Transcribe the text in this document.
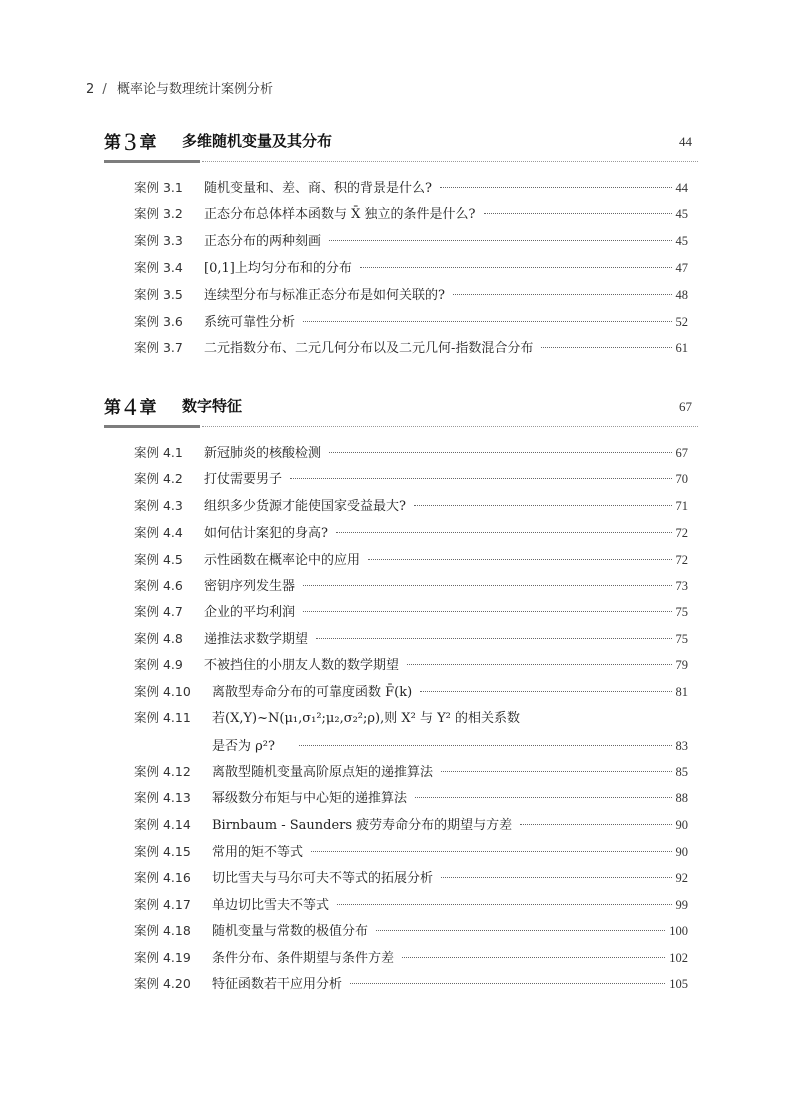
2 / 概率论与数理统计案例分析
第 3 章 多维随机变量及其分布	44
案例 3.1	随机变量和、差、商、积的背景是什么?	44
案例 3.2	正态分布总体样本函数与 X̄ 独立的条件是什么?	45
案例 3.3	正态分布的两种刻画	45
案例 3.4	[0,1]上均匀分布和的分布	47
案例 3.5	连续型分布与标准正态分布是如何关联的?	48
案例 3.6	系统可靠性分析	52
案例 3.7	二元指数分布、二元几何分布以及二元几何-指数混合分布	61
第 4 章 数字特征	67
案例 4.1	新冠肺炎的核酸检测	67
案例 4.2	打仗需要男子	70
案例 4.3	组织多少货源才能使国家受益最大?	71
案例 4.4	如何估计案犯的身高?	72
案例 4.5	示性函数在概率论中的应用	72
案例 4.6	密钥序列发生器	73
案例 4.7	企业的平均利润	75
案例 4.8	递推法求数学期望	75
案例 4.9	不被挡住的小朋友人数的数学期望	79
案例 4.10	离散型寿命分布的可靠度函数 F̄(k)	81
案例 4.11	若(X,Y)~N(μ₁,σ₁²;μ₂,σ₂²;ρ),则 X² 与 Y² 的相关系数
是否为 ρ²?	83
案例 4.12	离散型随机变量高阶原点矩的递推算法	85
案例 4.13	幂级数分布矩与中心矩的递推算法	88
案例 4.14	Birnbaum - Saunders 疲劳寿命分布的期望与方差	90
案例 4.15	常用的矩不等式	90
案例 4.16	切比雪夫与马尔可夫不等式的拓展分析	92
案例 4.17	单边切比雪夫不等式	99
案例 4.18	随机变量与常数的极值分布	100
案例 4.19	条件分布、条件期望与条件方差	102
案例 4.20	特征函数若干应用分析	105
